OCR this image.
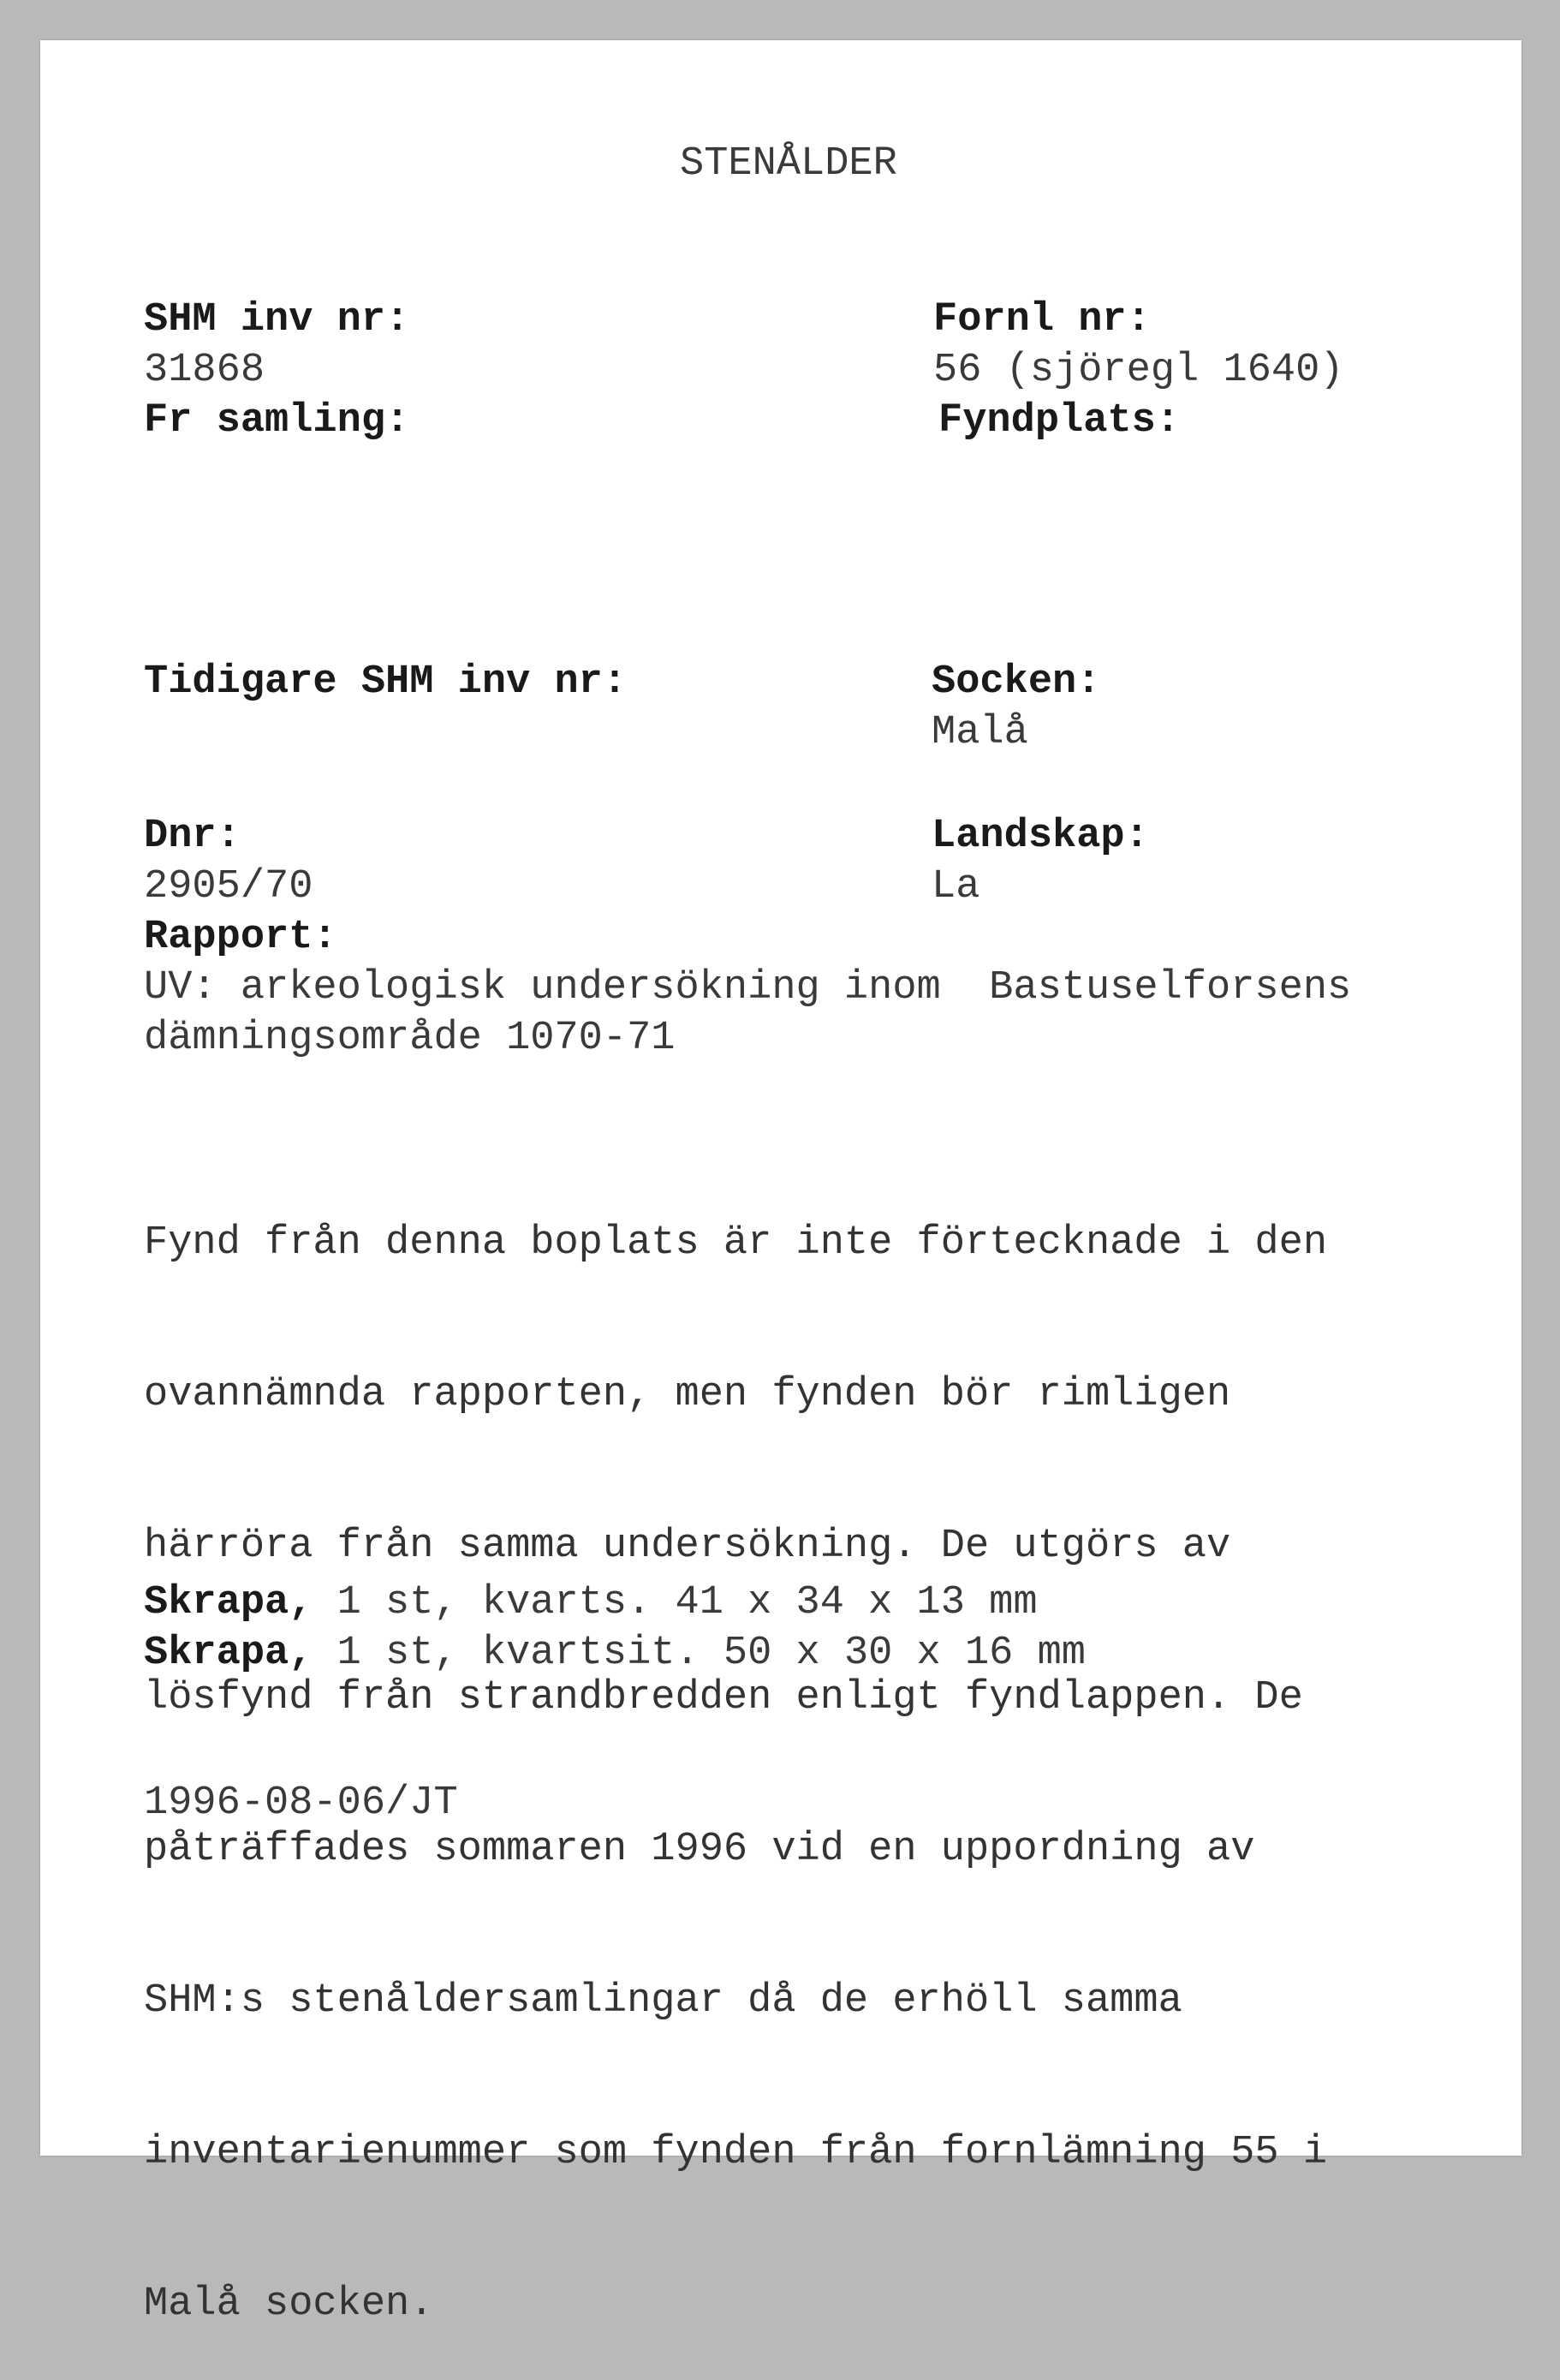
STENÅLDER
SHM inv nr:
31868
Fr samling:
Tidigare SHM inv nr:
Dnr:
2905/70
Fornl nr:
56 (sjöregl 1640)
Fyndplats:
Socken:
Malå
Landskap:
La
Rapport:
UV: arkeologisk undersökning inom  Bastuselforsens
dämningsområde 1070-71

Fynd från denna boplats är inte förtecknade i den

ovannämnda rapporten, men fynden bör rimligen

härröra från samma undersökning. De utgörs av

lösfynd från strandbredden enligt fyndlappen. De

påträffades sommaren 1996 vid en uppordning av

SHM:s stenåldersamlingar då de erhöll samma

inventarienummer som fynden från fornlämning 55 i

Malå socken.

Skrapa, 1 st, kvarts. 41 x 34 x 13 mm
Skrapa, 1 st, kvartsit. 50 x 30 x 16 mm
1996-08-06/JT
